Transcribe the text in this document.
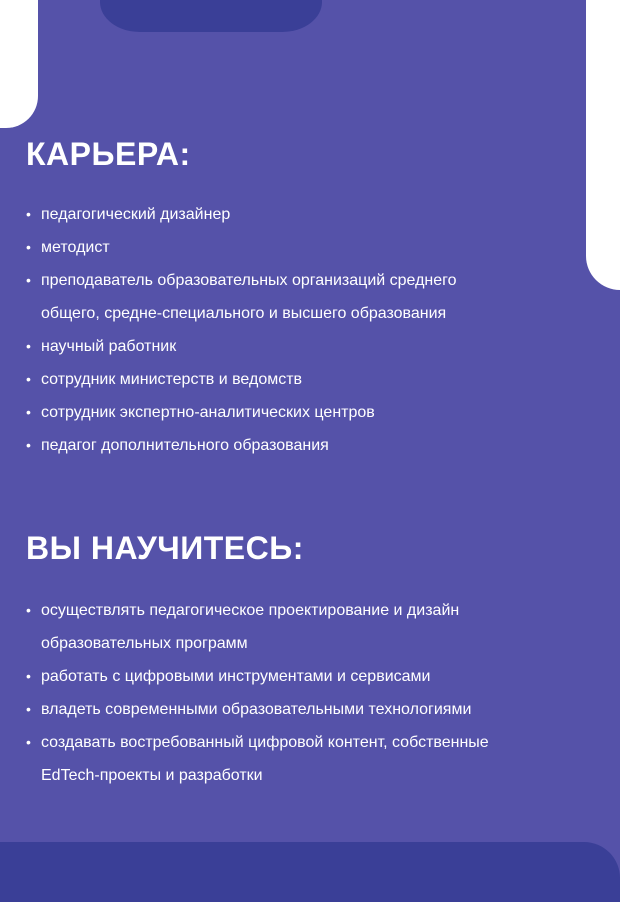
КАРЬЕРА:
• педагогический дизайнер
• методист
• преподаватель образовательных организаций среднего
общего, средне-специального и высшего образования
• научный работник
• сотрудник министерств и ведомств
• сотрудник экспертно-аналитических центров
• педагог дополнительного образования
ВЫ НАУЧИТЕСЬ:
• осуществлять педагогическое проектирование и дизайн
образовательных программ
• работать с цифровыми инструментами и сервисами
• владеть современными образовательными технологиями
• создавать востребованный цифровой контент, собственные
EdTech-проекты и разработки
